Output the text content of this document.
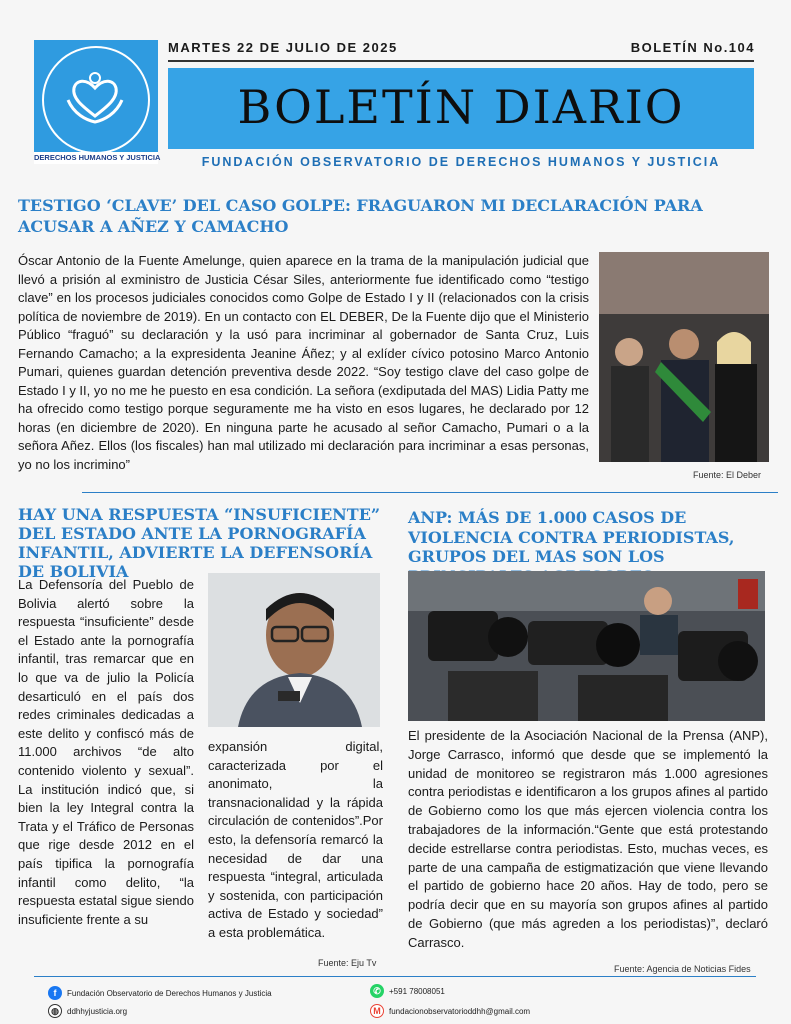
DERECHOS HUMANOS Y JUSTICIA
MARTES 22 DE JULIO DE 2025	BOLETÍN No.104
BOLETÍN DIARIO
FUNDACIÓN OBSERVATORIO DE DERECHOS HUMANOS Y JUSTICIA
TESTIGO ‘CLAVE’ DEL CASO GOLPE: FRAGUARON MI DECLARACIÓN PARA ACUSAR A AÑEZ Y CAMACHO
Óscar Antonio de la Fuente Amelunge, quien aparece en la trama de la manipulación judicial que llevó a prisión al exministro de Justicia César Siles, anteriormente fue identificado como “testigo clave” en los procesos judiciales conocidos como Golpe de Estado I y II (relacionados con la crisis política de noviembre de 2019). En un contacto con EL DEBER, De la Fuente dijo que el Ministerio Público “fraguó” su declaración y la usó para incriminar al gobernador de Santa Cruz, Luis Fernando Camacho; a la expresidenta Jeanine Áñez; y al exlíder cívico potosino Marco Antonio Pumari, quienes guardan detención preventiva desde 2022. “Soy testigo clave del caso golpe de Estado I y II, yo no me he puesto en esa condición. La señora (exdiputada del MAS) Lidia Patty me ha ofrecido como testigo porque seguramente me ha visto en esos lugares, he declarado por 12 horas (en diciembre de 2020). En ninguna parte he acusado al señor Camacho, Pumari o a la señora Añez. Ellos (los fiscales) han mal utilizado mi declaración para incriminar a esas personas, yo no los incrimino”
Fuente: El Deber
HAY UNA RESPUESTA “INSUFICIENTE” DEL ESTADO ANTE LA PORNOGRAFÍA INFANTIL, ADVIERTE LA DEFENSORÍA DE BOLIVIA
La Defensoría del Pueblo de Bolivia alertó sobre la respuesta “insuficiente” desde el Estado ante la pornografía infantil, tras remarcar que en lo que va de julio la Policía desarticuló en el país dos redes criminales dedicadas a este delito y confiscó más de 11.000 archivos “de alto contenido violento y sexual”. La institución indicó que, si bien la ley Integral contra la Trata y el Tráfico de Personas que rige desde 2012 en el país tipifica la pornografía infantil como delito, “la respuesta estatal sigue siendo insuficiente frente a su
expansión digital, caracterizada por el anonimato, la transnacionalidad y la rápida circulación de contenidos”.Por esto, la defensoría remarcó la necesidad de dar una respuesta “integral, articulada y sostenida, con participación activa de Estado y sociedad” a esta problemática.
Fuente: Eju Tv
ANP: MÁS DE 1.000 CASOS DE VIOLENCIA CONTRA PERIODISTAS, GRUPOS DEL MAS SON LOS
El presidente de la Asociación Nacional de la Prensa (ANP), Jorge Carrasco, informó que desde que se implementó la unidad de monitoreo se registraron más 1.000 agresiones contra periodistas e identificaron a los grupos afines al partido de Gobierno como los que más ejercen violencia contra los trabajadores de la información.“Gente que está protestando decide estrellarse contra periodistas. Esto, muchas veces, es parte de una campaña de estigmatización que viene llevando el partido de gobierno hace 20 años. Hay de todo, pero se podría decir que en su mayoría son grupos afines al partido de Gobierno (que más agreden a los periodistas)”, declaró Carrasco.
Fuente: Agencia de Noticias Fides
f	Fundación Observatorio de Derechos Humanos y Justicia
◍	ddhhyjusticia.org
✆	+591 78008051
M	fundacionobservatorioddhh@gmail.com
